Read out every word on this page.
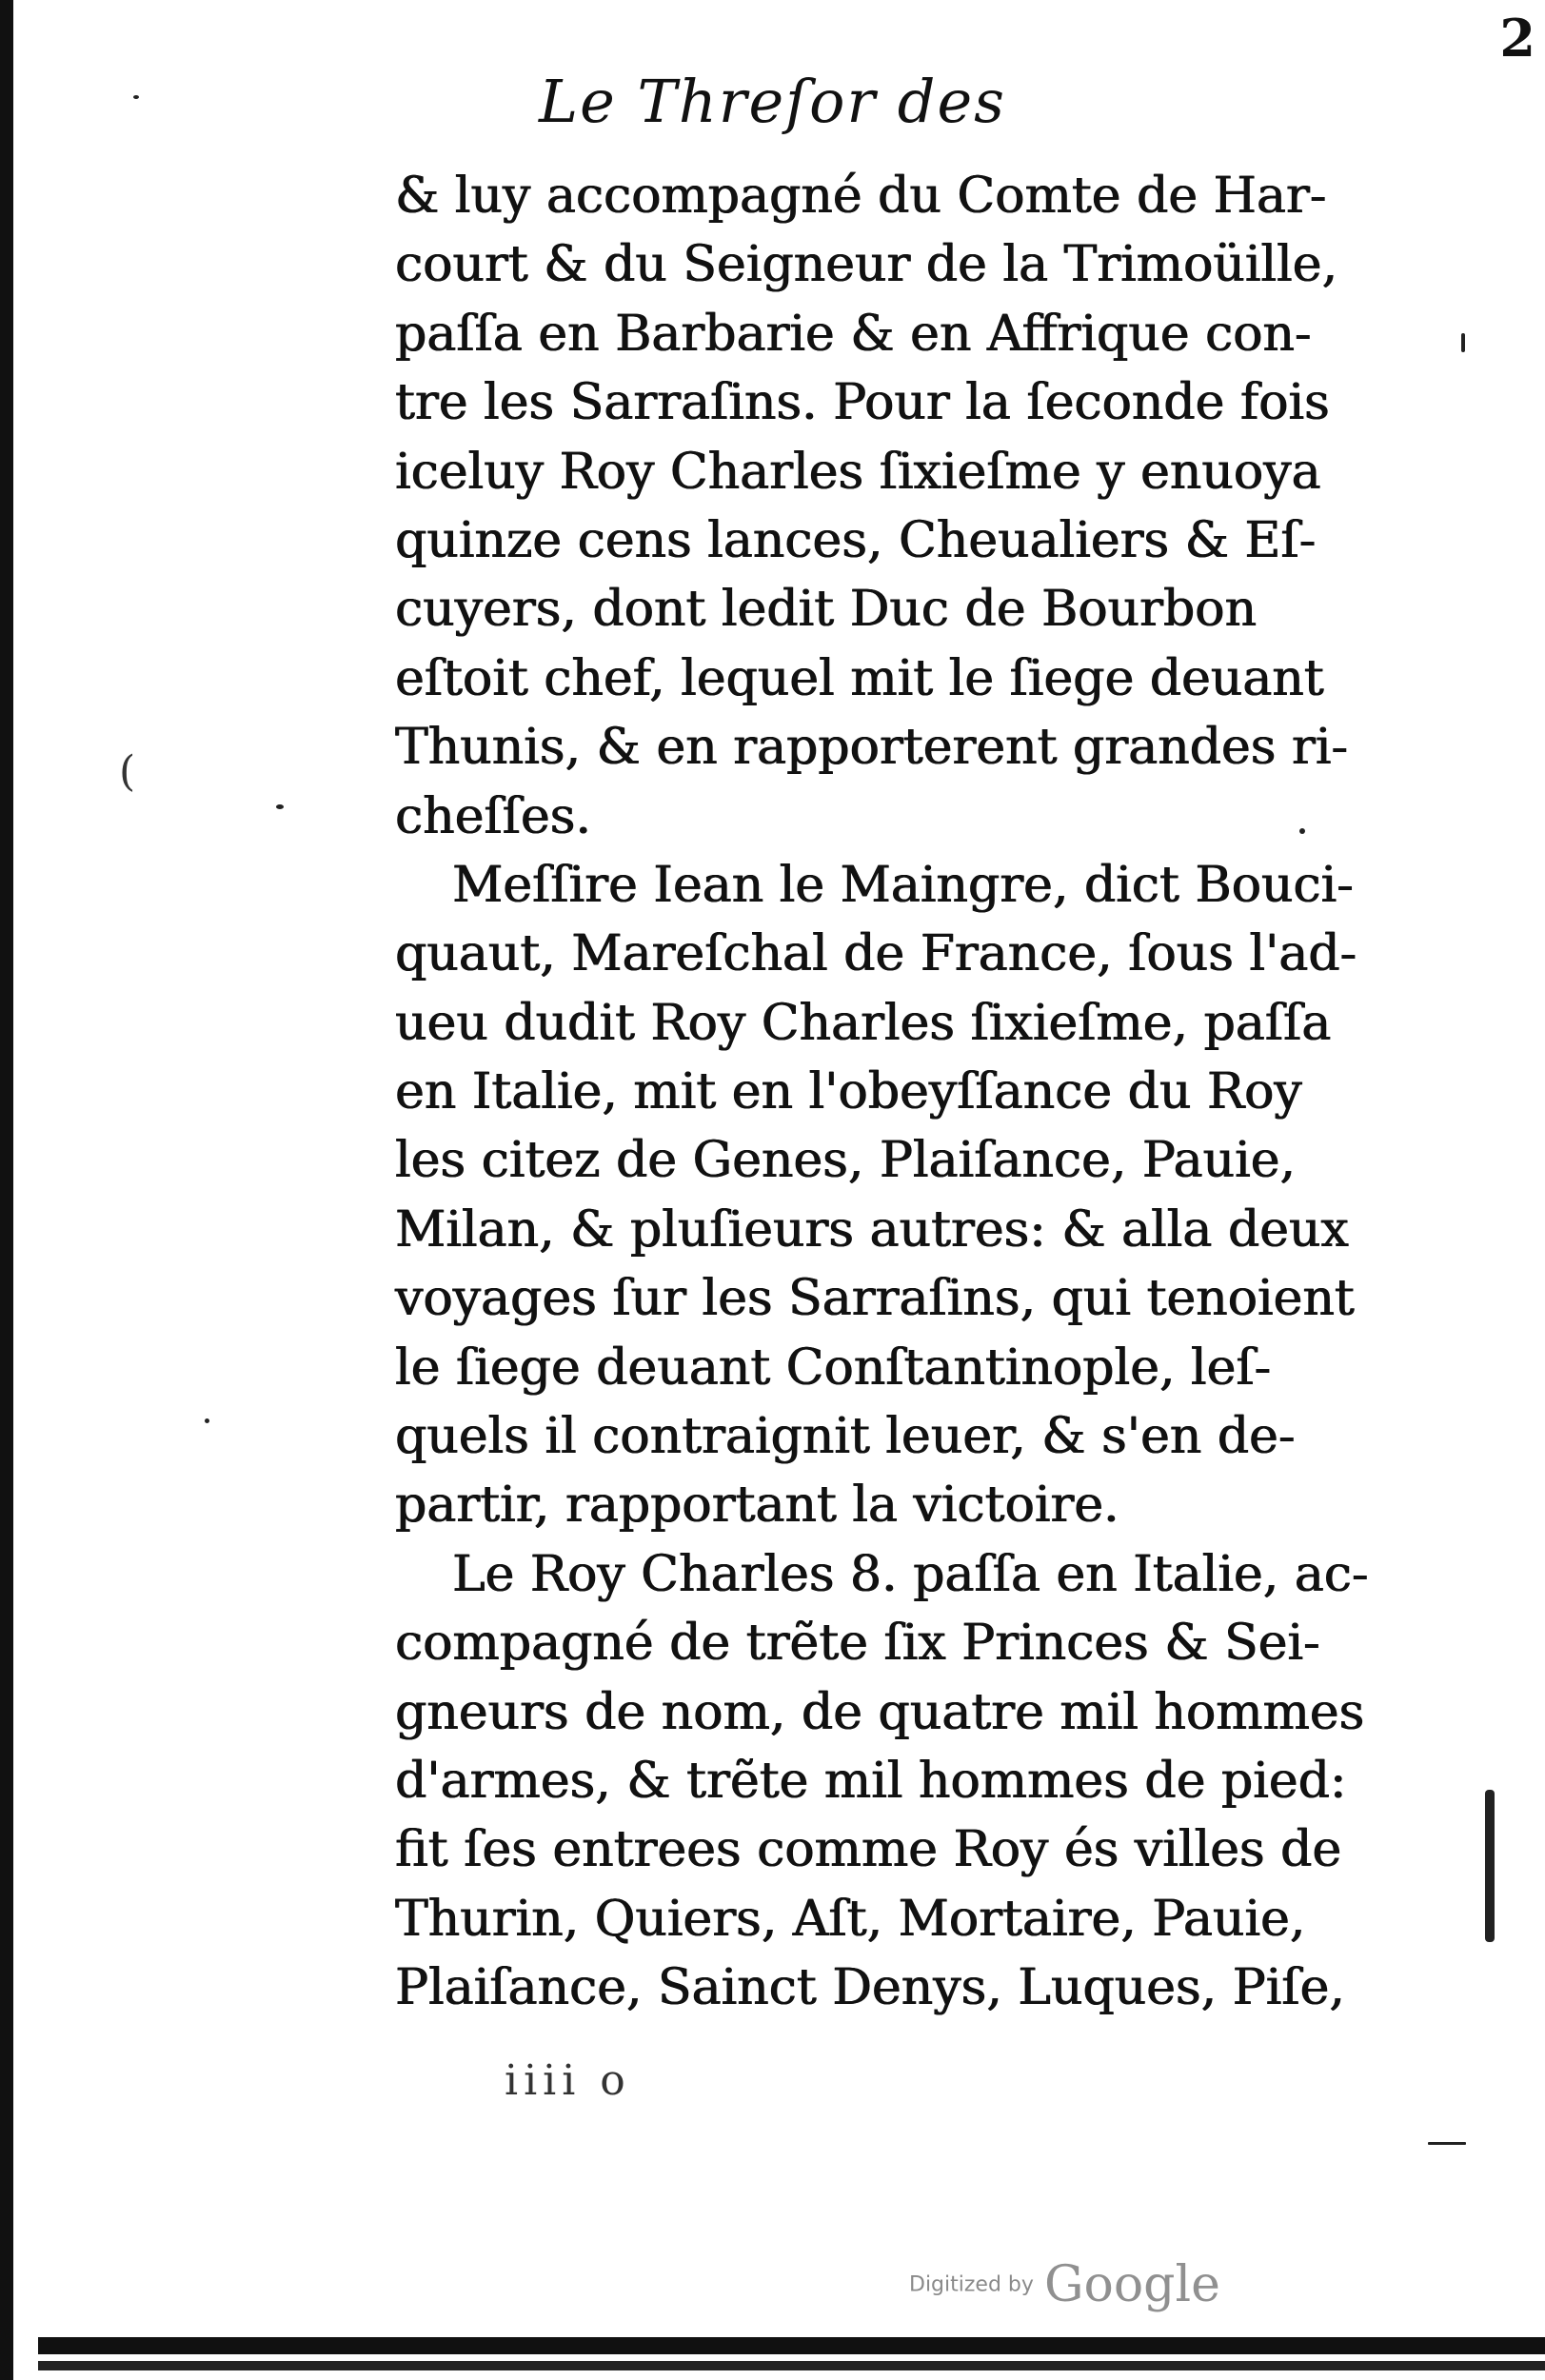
2
Le Threſor des
(
& luy accompagné du Comte de Har-
court & du Seigneur de la Trimoüille,
paſſa en Barbarie & en Affrique con-
tre les Sarraſins. Pour la ſeconde fois
iceluy Roy Charles ſixieſme y enuoya
quinze cens lances, Cheualiers & Eſ-
cuyers, dont ledit Duc de Bourbon
eſtoit chef, lequel mit le ſiege deuant
Thunis, & en rapporterent grandes ri-
cheſſes.
Meſſire Iean le Maingre, dict Bouci-
quaut, Mareſchal de France, ſous l'ad-
ueu dudit Roy Charles ſixieſme, paſſa
en Italie, mit en l'obeyſſance du Roy
les citez de Genes, Plaiſance, Pauie,
Milan, & pluſieurs autres: & alla deux
voyages ſur les Sarraſins, qui tenoient
le ſiege deuant Conſtantinople, leſ-
quels il contraignit leuer, & s'en de-
partir, rapportant la victoire.
Le Roy Charles 8. paſſa en Italie, ac-
compagné de trẽte ſix Princes & Sei-
gneurs de nom, de quatre mil hommes
d'armes, & trẽte mil hommes de pied:
fit ſes entrees comme Roy és villes de
Thurin, Quiers, Aſt, Mortaire, Pauie,
Plaiſance, Sainct Denys, Luques, Piſe,
iiii o
Digitized by Google
